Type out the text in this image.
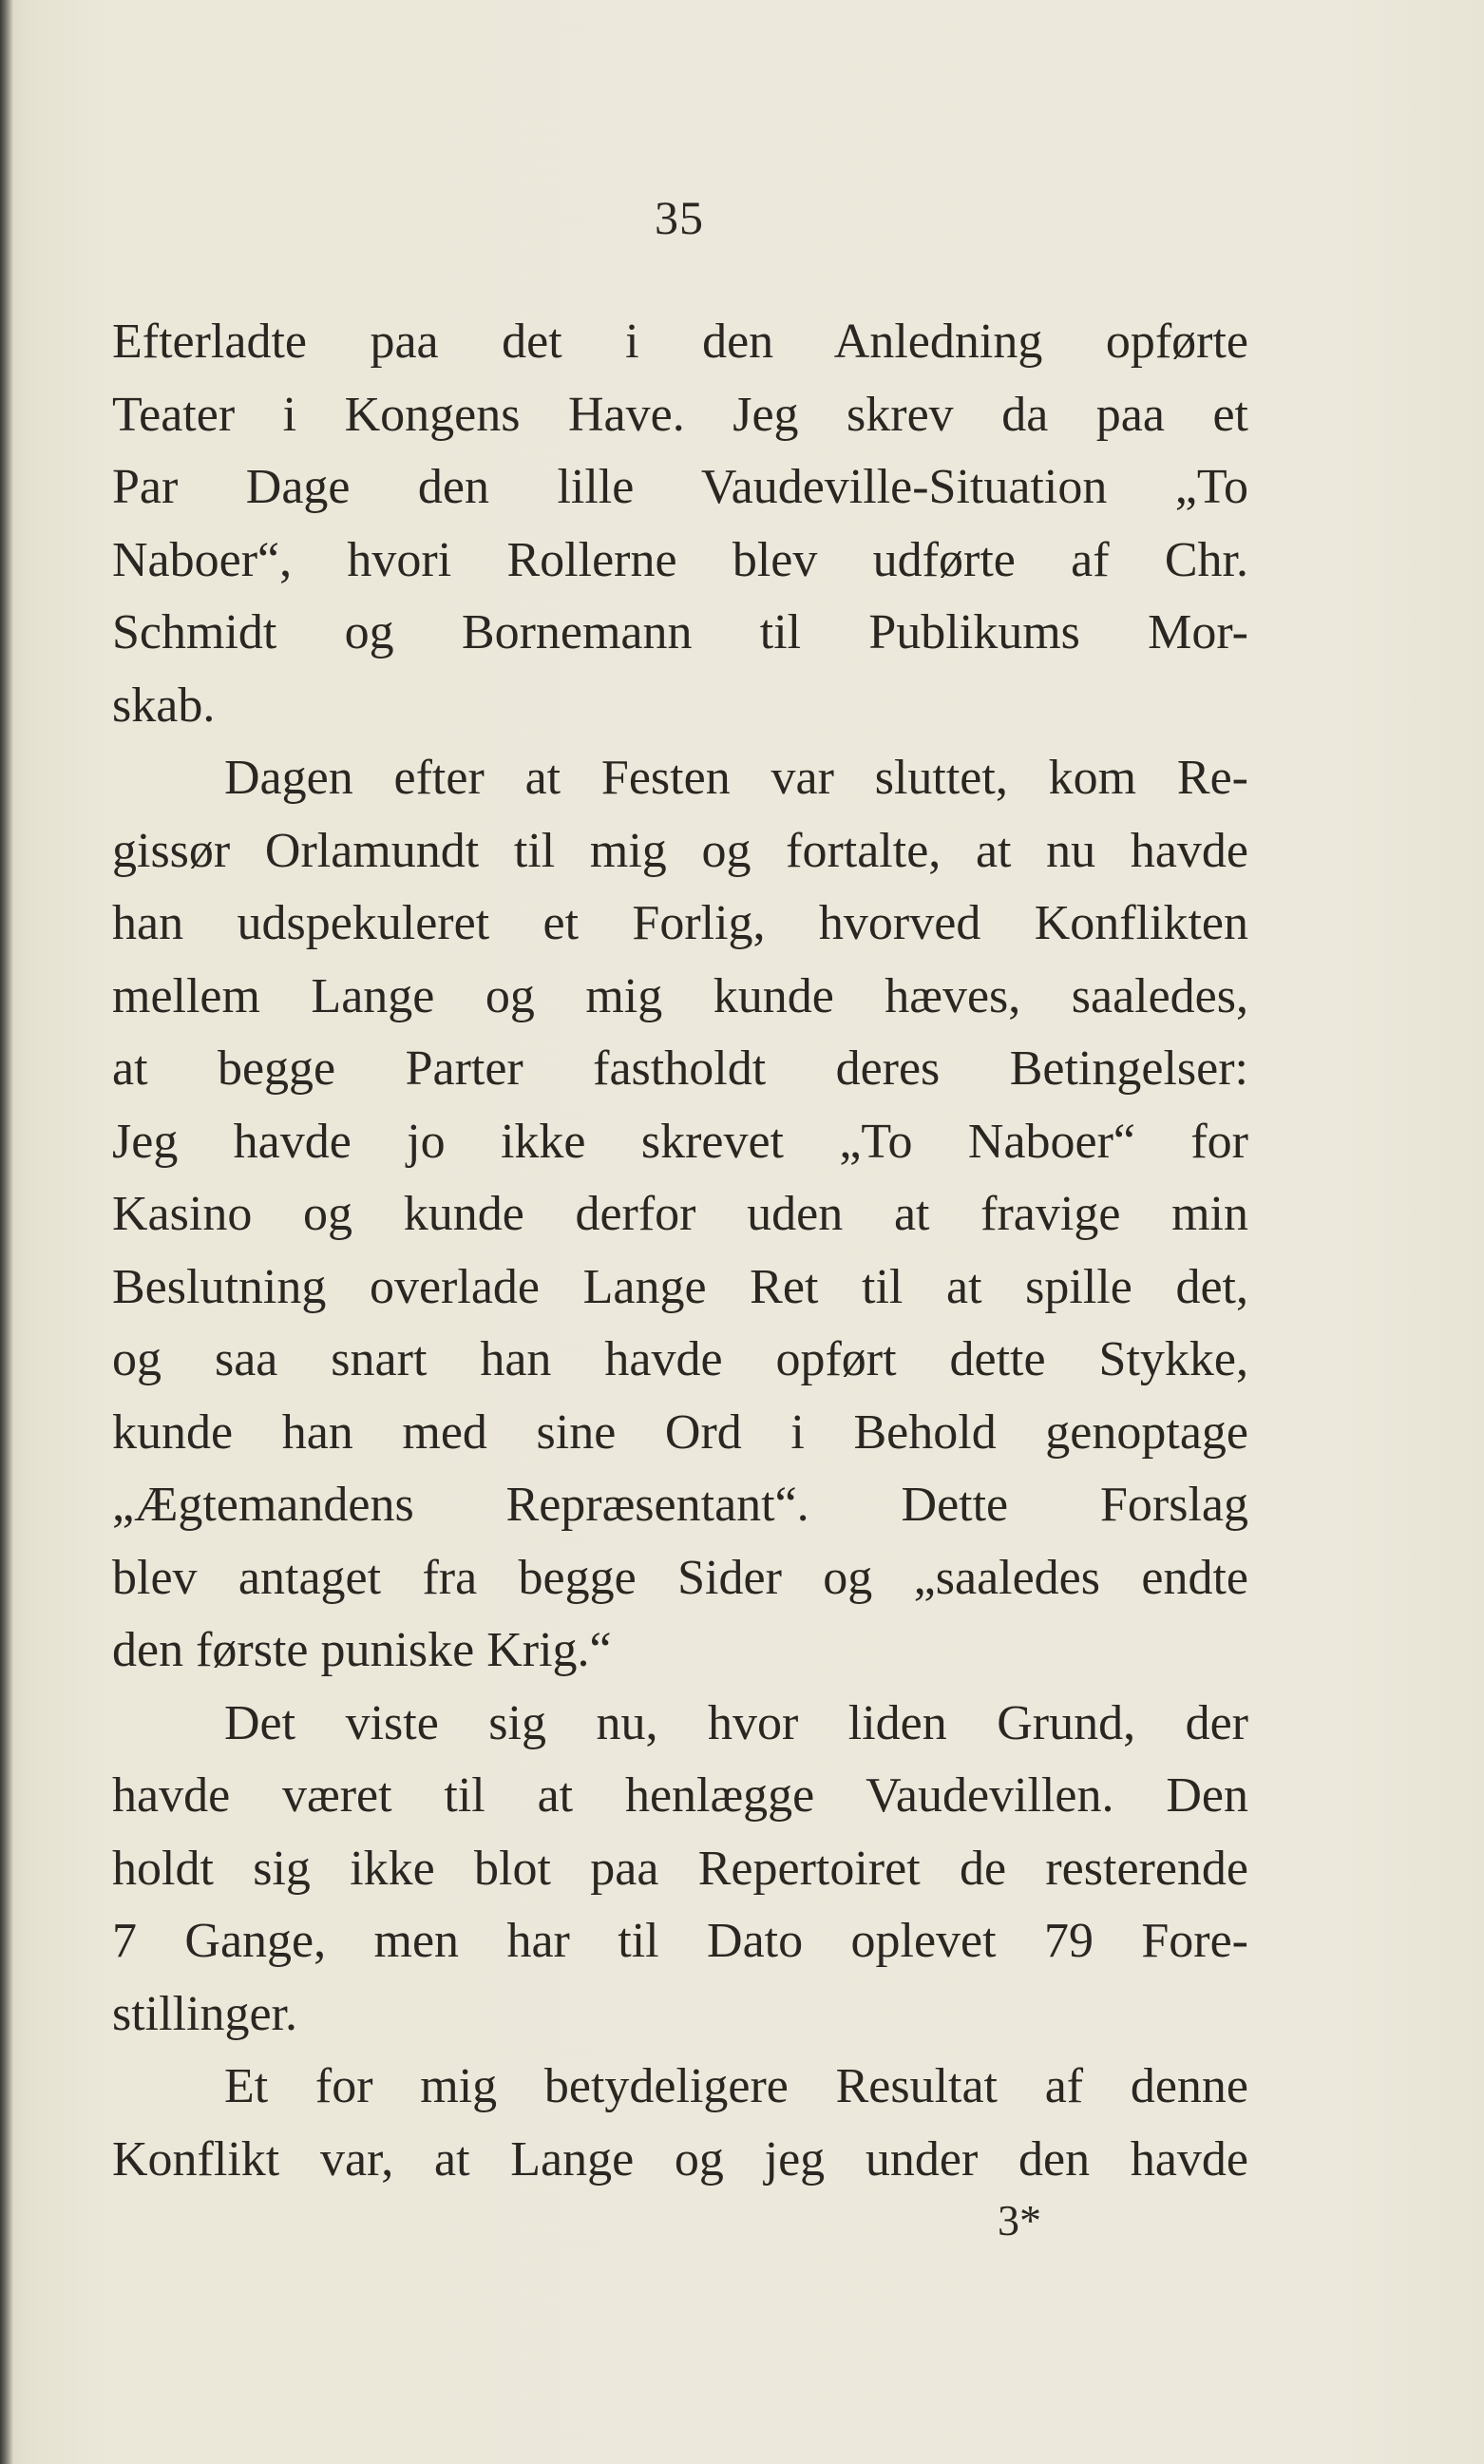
35
Efterladte paa det i den Anledning opførte
Teater i Kongens Have. Jeg skrev da paa et
Par Dage den lille Vaudeville-Situation „To
Naboer“, hvori Rollerne blev udførte af Chr.
Schmidt og Bornemann til Publikums Mor-
skab.
Dagen efter at Festen var sluttet, kom Re-
gissør Orlamundt til mig og fortalte, at nu havde
han udspekuleret et Forlig, hvorved Konflikten
mellem Lange og mig kunde hæves, saaledes,
at begge Parter fastholdt deres Betingelser:
Jeg havde jo ikke skrevet „To Naboer“ for
Kasino og kunde derfor uden at fravige min
Beslutning overlade Lange Ret til at spille det,
og saa snart han havde opført dette Stykke,
kunde han med sine Ord i Behold genoptage
„Ægtemandens Repræsentant“. Dette Forslag
blev antaget fra begge Sider og „saaledes endte
den første puniske Krig.“
Det viste sig nu, hvor liden Grund, der
havde været til at henlægge Vaudevillen. Den
holdt sig ikke blot paa Repertoiret de resterende
7 Gange, men har til Dato oplevet 79 Fore-
stillinger.
Et for mig betydeligere Resultat af denne
Konflikt var, at Lange og jeg under den havde
3*
